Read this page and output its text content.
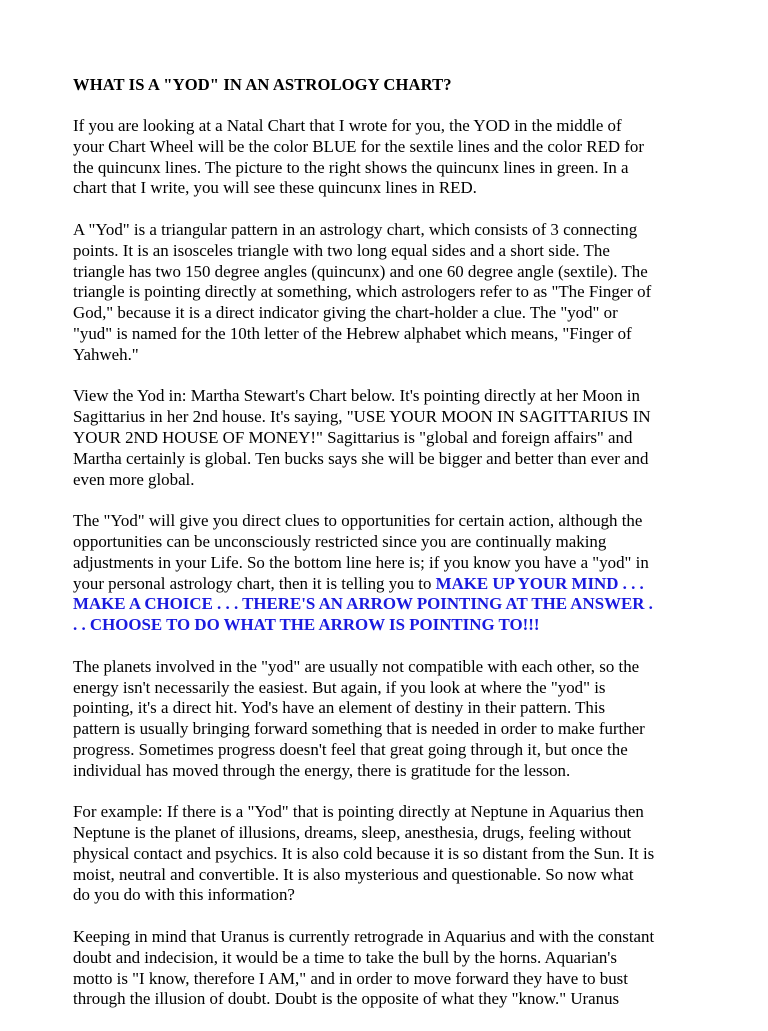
WHAT IS A "YOD" IN AN ASTROLOGY CHART?

If you are looking at a Natal Chart that I wrote for you, the YOD in the middle of
your Chart Wheel will be the color BLUE for the sextile lines and the color RED for
the quincunx lines. The picture to the right shows the quincunx lines in green. In a
chart that I write, you will see these quincunx lines in RED.

A "Yod" is a triangular pattern in an astrology chart, which consists of 3 connecting
points. It is an isosceles triangle with two long equal sides and a short side. The
triangle has two 150 degree angles (quincunx) and one 60 degree angle (sextile). The
triangle is pointing directly at something, which astrologers refer to as "The Finger of
God," because it is a direct indicator giving the chart-holder a clue. The "yod" or
"yud" is named for the 10th letter of the Hebrew alphabet which means, "Finger of
Yahweh."

View the Yod in: Martha Stewart's Chart below. It's pointing directly at her Moon in
Sagittarius in her 2nd house. It's saying, "USE YOUR MOON IN SAGITTARIUS IN
YOUR 2ND HOUSE OF MONEY!" Sagittarius is "global and foreign affairs" and
Martha certainly is global. Ten bucks says she will be bigger and better than ever and
even more global.

The "Yod" will give you direct clues to opportunities for certain action, although the
opportunities can be unconsciously restricted since you are continually making
adjustments in your Life. So the bottom line here is; if you know you have a "yod" in
your personal astrology chart, then it is telling you to MAKE UP YOUR MIND . . .
MAKE A CHOICE . . . THERE'S AN ARROW POINTING AT THE ANSWER .
. . CHOOSE TO DO WHAT THE ARROW IS POINTING TO!!!

The planets involved in the "yod" are usually not compatible with each other, so the
energy isn't necessarily the easiest. But again, if you look at where the "yod" is
pointing, it's a direct hit. Yod's have an element of destiny in their pattern. This
pattern is usually bringing forward something that is needed in order to make further
progress. Sometimes progress doesn't feel that great going through it, but once the
individual has moved through the energy, there is gratitude for the lesson.

For example: If there is a "Yod" that is pointing directly at Neptune in Aquarius then
Neptune is the planet of illusions, dreams, sleep, anesthesia, drugs, feeling without
physical contact and psychics. It is also cold because it is so distant from the Sun. It is
moist, neutral and convertible. It is also mysterious and questionable. So now what
do you do with this information?

Keeping in mind that Uranus is currently retrograde in Aquarius and with the constant
doubt and indecision, it would be a time to take the bull by the horns. Aquarian's
motto is "I know, therefore I AM," and in order to move forward they have to bust
through the illusion of doubt. Doubt is the opposite of what they "know." Uranus
